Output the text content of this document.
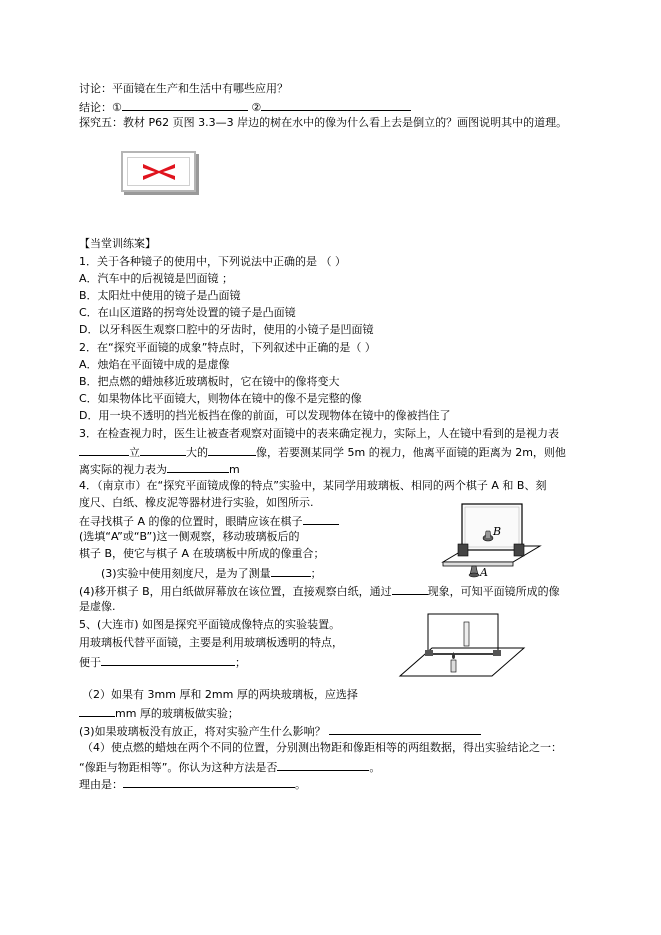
讨论：平面镜在生产和生活中有哪些应用？
结论：①	②
探究五：教材 P62 页图 3.3—3 岸边的树在水中的像为什么看上去是倒立的？画图说明其中的道理。
【当堂训练案】
1．关于各种镜子的使用中，下列说法中正确的是 （ ）
A．汽车中的后视镜是凹面镜 ；
B．太阳灶中使用的镜子是凸面镜
C．在山区道路的拐弯处设置的镜子是凸面镜
D．以牙科医生观察口腔中的牙齿时，使用的小镜子是凹面镜
2．在“探究平面镜的成象”特点时，下列叙述中正确的是（ ）
A．烛焰在平面镜中成的是虚像
B．把点燃的蜡烛移近玻璃板时，它在镜中的像将变大
C．如果物体比平面镜大，则物体在镜中的像不是完整的像
D．用一块不透明的挡光板挡在像的前面，可以发现物体在镜中的像被挡住了
3．在检查视力时，医生让被查者观察对面镜中的表来确定视力，实际上，人在镜中看到的是视力表
立	大的	像，若要测某同学 5m 的视力，他离平面镜的距离为 2m，则他
离实际的视力表为	m
4．（南京市）在“探究平面镜成像的特点”实验中，某同学用玻璃板、相同的两个棋子 A 和 B、刻
度尺、白纸、橡皮泥等器材进行实验，如图所示.
在寻找棋子 A 的像的位置时，眼睛应该在棋子
(选填“A”或“B”)这一侧观察，移动玻璃板后的
棋子 B，使它与棋子 A 在玻璃板中所成的像重合；
(3)实验中使用刻度尺，是为了测量	；
(4)移开棋子 B，用白纸做屏幕放在该位置，直接观察白纸，通过	现象，可知平面镜所成的像
是虚像.
B
A
5、(大连市) 如图是探究平面镜成像特点的实验装置。
用玻璃板代替平面镜，主要是利用玻璃板透明的特点，
便于	；
（2）如果有 3mm 厚和 2mm 厚的两块玻璃板，应选择
mm 厚的玻璃板做实验；
(3)如果玻璃板没有放正，将对实验产生什么影响？
（4）使点燃的蜡烛在两个不同的位置，分别测出物距和像距相等的两组数据，得出实验结论之一：
“像距与物距相等”。你认为这种方法是否	。
理由是：	。
